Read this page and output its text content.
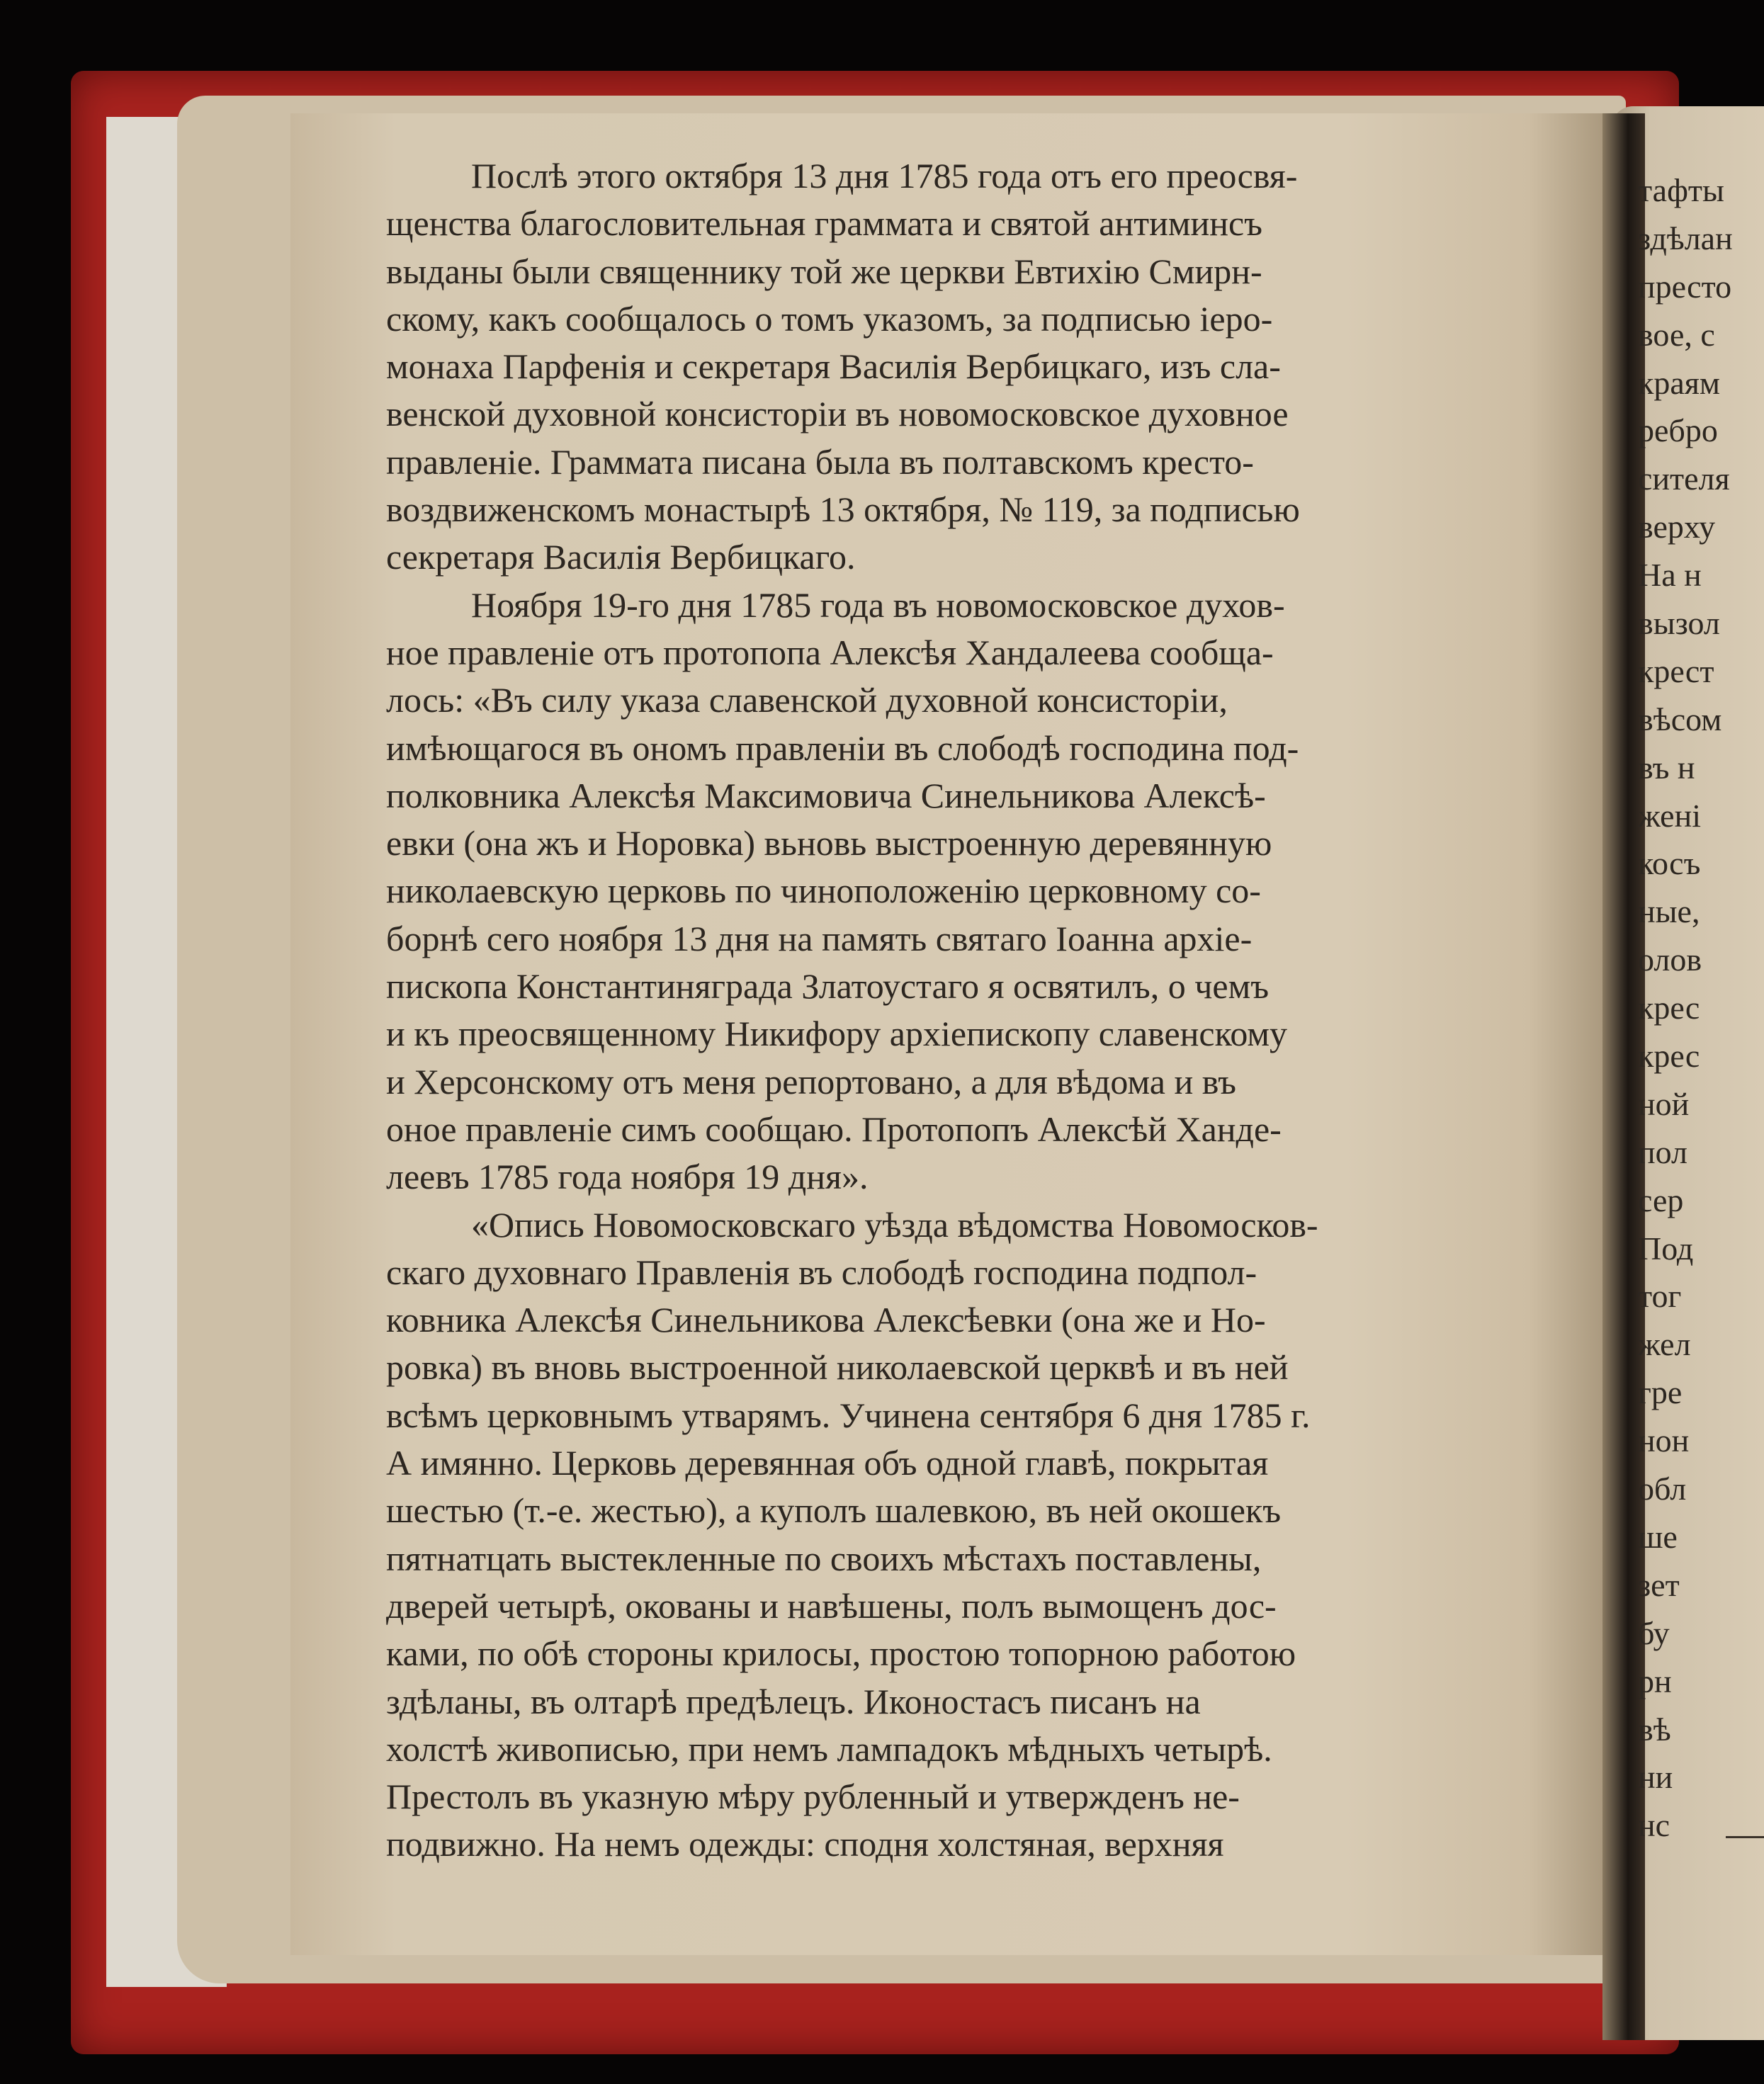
Послѣ этого октября 13 дня 1785 года отъ его преосвя-
щенства благословительная граммата и святой антиминсъ
выданы были священнику той же церкви Евтихію Смирн-
скому, какъ сообщалось о томъ указомъ, за подписью іеро-
монаха Парфенія и секретаря Василія Вербицкаго, изъ сла-
венской духовной консисторіи въ новомосковское духовное
правленіе. Граммата писана была въ полтавскомъ кресто-
воздвиженскомъ монастырѣ 13 октября, № 119, за подписью
секретаря Василія Вербицкаго.
Ноября 19-го дня 1785 года въ новомосковское духов-
ное правленіе отъ протопопа Алексѣя Хандалеева сообща-
лось: «Въ силу указа славенской духовной консисторіи,
имѣющагося въ ономъ правленіи въ слободѣ господина под-
полковника Алексѣя Максимовича Синельникова Алексѣ-
евки (она жъ и Норовка) вьновь выстроенную деревянную
николаевскую церковь по чиноположенію церковному со-
борнѣ сего ноября 13 дня на память святаго Іоанна архіе-
пископа Константиняграда Златоустаго я освятилъ, о чемъ
и къ преосвященному Никифору архіепископу славенскому
и Херсонскому отъ меня репортовано, а для вѣдома и въ
оное правленіе симъ сообщаю. Протопопъ Алексѣй Ханде-
леевъ 1785 года ноября 19 дня».
«Опись Новомосковскаго уѣзда вѣдомства Новомосков-
скаго духовнаго Правленія въ слободѣ господина подпол-
ковника Алексѣя Синельникова Алексѣевки (она же и Но-
ровка) въ вновь выстроенной николаевской церквѣ и въ ней
всѣмъ церковнымъ утварямъ. Учинена сентября 6 дня 1785 г.
А имянно. Церковь деревянная объ одной главѣ, покрытая
шестью (т.-е. жестью), а куполъ шалевкою, въ ней окошекъ
пятнатцать выстекленные по своихъ мѣстахъ поставлены,
дверей четырѣ, окованы и навѣшены, полъ вымощенъ дос-
ками, по обѣ стороны крилосы, простою топорною работою
здѣланы, въ олтарѣ предѣлецъ. Иконостасъ писанъ на
холстѣ живописью, при немъ лампадокъ мѣдныхъ четырѣ.
Престолъ въ указную мѣру рубленный и утвержденъ не-
подвижно. На немъ одежды: сподня холстяная, верхняя
тафты
здѣлан
престо
вое, с
краям
ребро
сителя
верху
На н
вызол
крест
вѣсом
въ н
жені
косъ
ные,
олов
крес
крес
ной
пол
сер
Под
тог
жел
гре
нон
обл
ше
зет
бу
рн
вѣ
ни
нс
